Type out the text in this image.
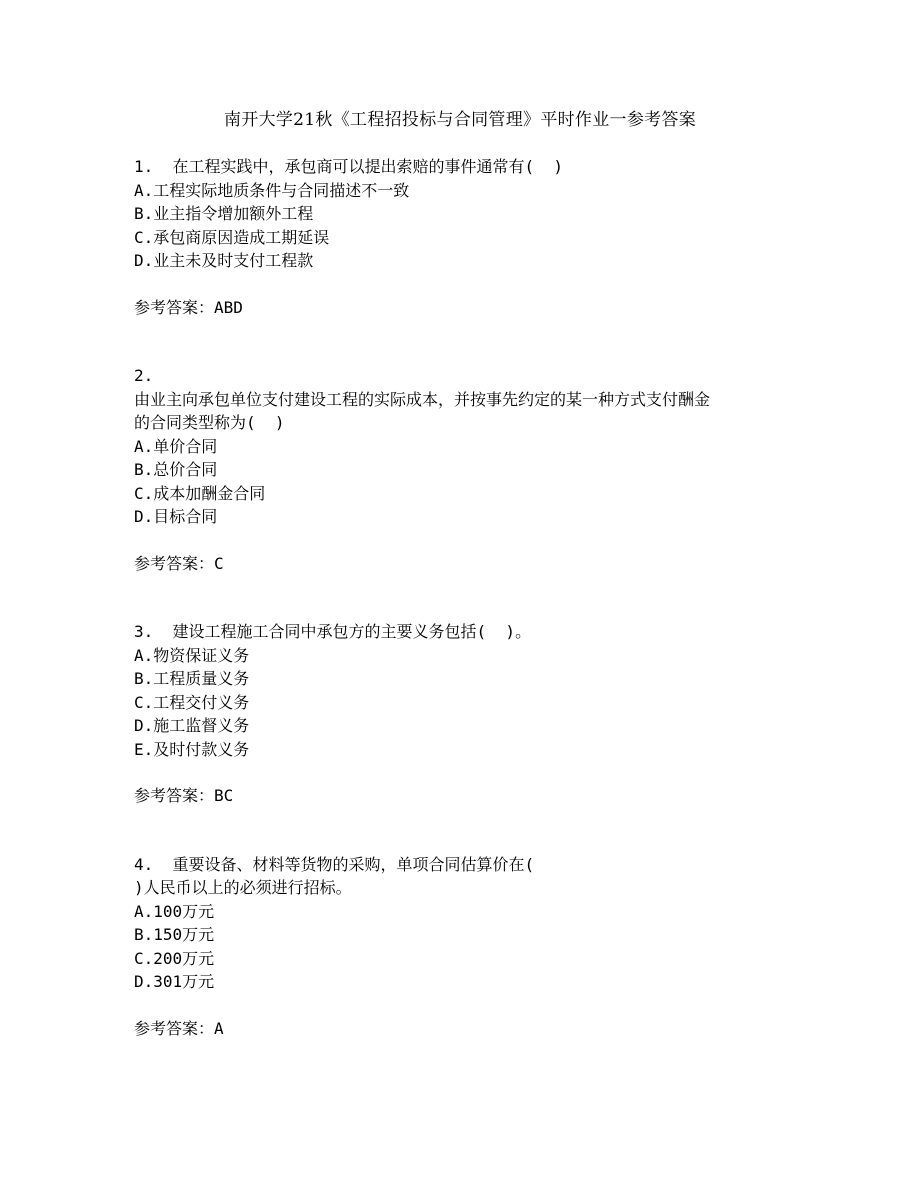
南开大学21秋《工程招投标与合同管理》平时作业一参考答案

1.  在工程实践中，承包商可以提出索赔的事件通常有(  )

A.工程实际地质条件与合同描述不一致
B.业主指令增加额外工程
C.承包商原因造成工期延误
D.业主未及时支付工程款

参考答案：ABD

2.

由业主向承包单位支付建设工程的实际成本，并按事先约定的某一种方式支付酬金

的合同类型称为(  )

A.单价合同
B.总价合同
C.成本加酬金合同
D.目标合同

参考答案：C

3.  建设工程施工合同中承包方的主要义务包括(  )。

A.物资保证义务
B.工程质量义务
C.工程交付义务
D.施工监督义务
E.及时付款义务

参考答案：BC

4.  重要设备、材料等货物的采购，单项合同估算价在(

)人民币以上的必须进行招标。

A.100万元
B.150万元
C.200万元
D.301万元

参考答案：A
